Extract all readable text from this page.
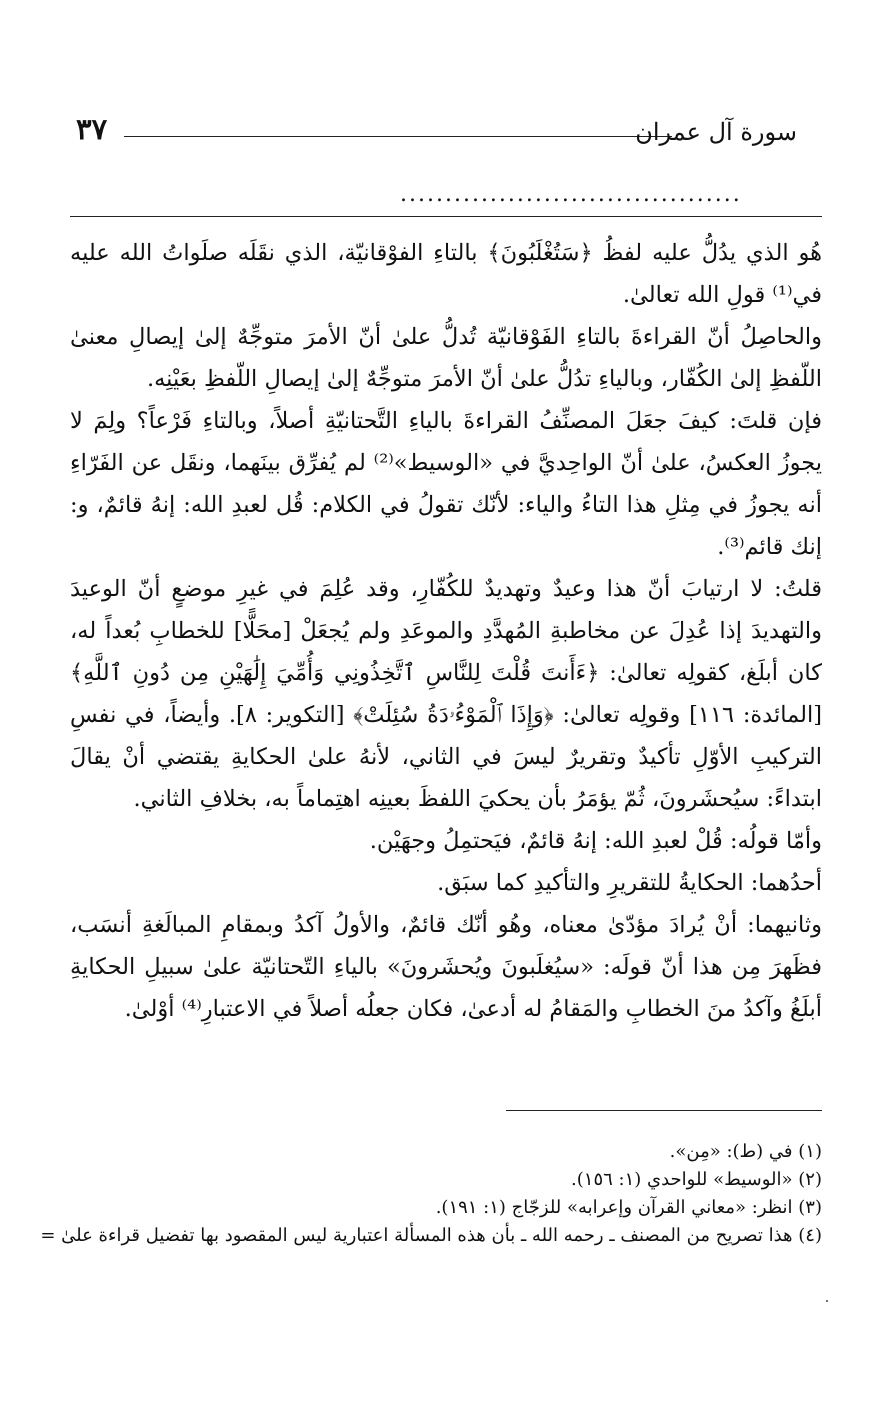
٣٧	سورة آل عمران
......................................

هُو الذي يدُلُّ عليه لفظُ ﴿سَتُغْلَبُونَ﴾ بالتاءِ الفوْقانيّة، الذي نقَلَه صلَواتُ الله عليه في⁽¹⁾ قولِ الله تعالىٰ.

والحاصِلُ أنّ القراءةَ بالتاءِ الفَوْقانيّة تُدلُّ علىٰ أنّ الأمرَ متوجِّهٌ إلىٰ إيصالِ معنىٰ اللّفظِ إلىٰ الكُفّار، وبالياءِ تدُلُّ علىٰ أنّ الأمرَ متوجِّهٌ إلىٰ إيصالِ اللّفظِ بعَيْنِه.

فإن قلتَ: كيفَ جعَلَ المصنِّفُ القراءةَ بالياءِ التَّحتانيّةِ أصلاً، وبالتاءِ فَرْعاً؟ ولِمَ لا يجوزُ العكسُ، علىٰ أنّ الواحِديَّ في «الوسيط»⁽²⁾ لم يُفرِّق بينَهما، ونقَل عن الفَرّاءِ أنه يجوزُ في مِثلِ هذا التاءُ والياء: لأنّك تقولُ في الكلام: قُل لعبدِ الله: إنهُ قائمٌ، و: إنك قائم⁽³⁾.

قلتُ: لا ارتيابَ أنّ هذا وعيدٌ وتهديدٌ للكُفّارِ، وقد عُلِمَ في غيرِ موضعٍ أنّ الوعيدَ والتهديدَ إذا عُدِلَ عن مخاطبةِ المُهدَّدِ والموعَدِ ولم يُجعَلْ [محَلًّا] للخطابِ بُعداً له، كان أبلَغ، كقولِه تعالىٰ: ﴿ءَأَنتَ قُلْتَ لِلنَّاسِ ٱتَّخِذُونِي وَأُمِّيَ إِلَٰهَيْنِ مِن دُونِ ٱللَّهِ﴾ [المائدة: ١١٦] وقولِه تعالىٰ: ﴿وَإِذَا ٱلْمَوْءُۥدَةُ سُئِلَتْ﴾ [التكوير: ٨]. وأيضاً، في نفسِ التركيبِ الأوّلِ تأكيدٌ وتقريرٌ ليسَ في الثاني، لأنهُ علىٰ الحكايةِ يقتضي أنْ يقالَ ابتداءً: سيُحشَرونَ، ثُمّ يؤمَرُ بأن يحكيَ اللفظَ بعينِه اهتِماماً به، بخلافِ الثاني.

وأمّا قولُه: قُلْ لعبدِ الله: إنهُ قائمٌ، فيَحتمِلُ وجهَيْن.

أحدُهما: الحكايةُ للتقريرِ والتأكيدِ كما سبَق.

وثانيهما: أنْ يُرادَ مؤدّىٰ معناه، وهُو أنّك قائمٌ، والأولُ آكدُ وبمقامِ المبالَغةِ أنسَب، فظَهرَ مِن هذا أنّ قولَه: «سيُغلَبونَ ويُحشَرونَ» بالياءِ التّحتانيّة علىٰ سبيلِ الحكايةِ أبلَغُ وآكدُ منَ الخطابِ والمَقامُ له أدعىٰ، فكان جعلُه أصلاً في الاعتبارِ⁽⁴⁾ أوْلىٰ.

(١) في (ط): «مِن».
(٢) «الوسيط» للواحدي (١: ١٥٦).
(٣) انظر: «معاني القرآن وإعرابه» للزجّاج (١: ١٩١).
(٤) هذا تصريح من المصنف ـ رحمه الله ـ بأن هذه المسألة اعتبارية ليس المقصود بها تفضيل قراءة علىٰ =
